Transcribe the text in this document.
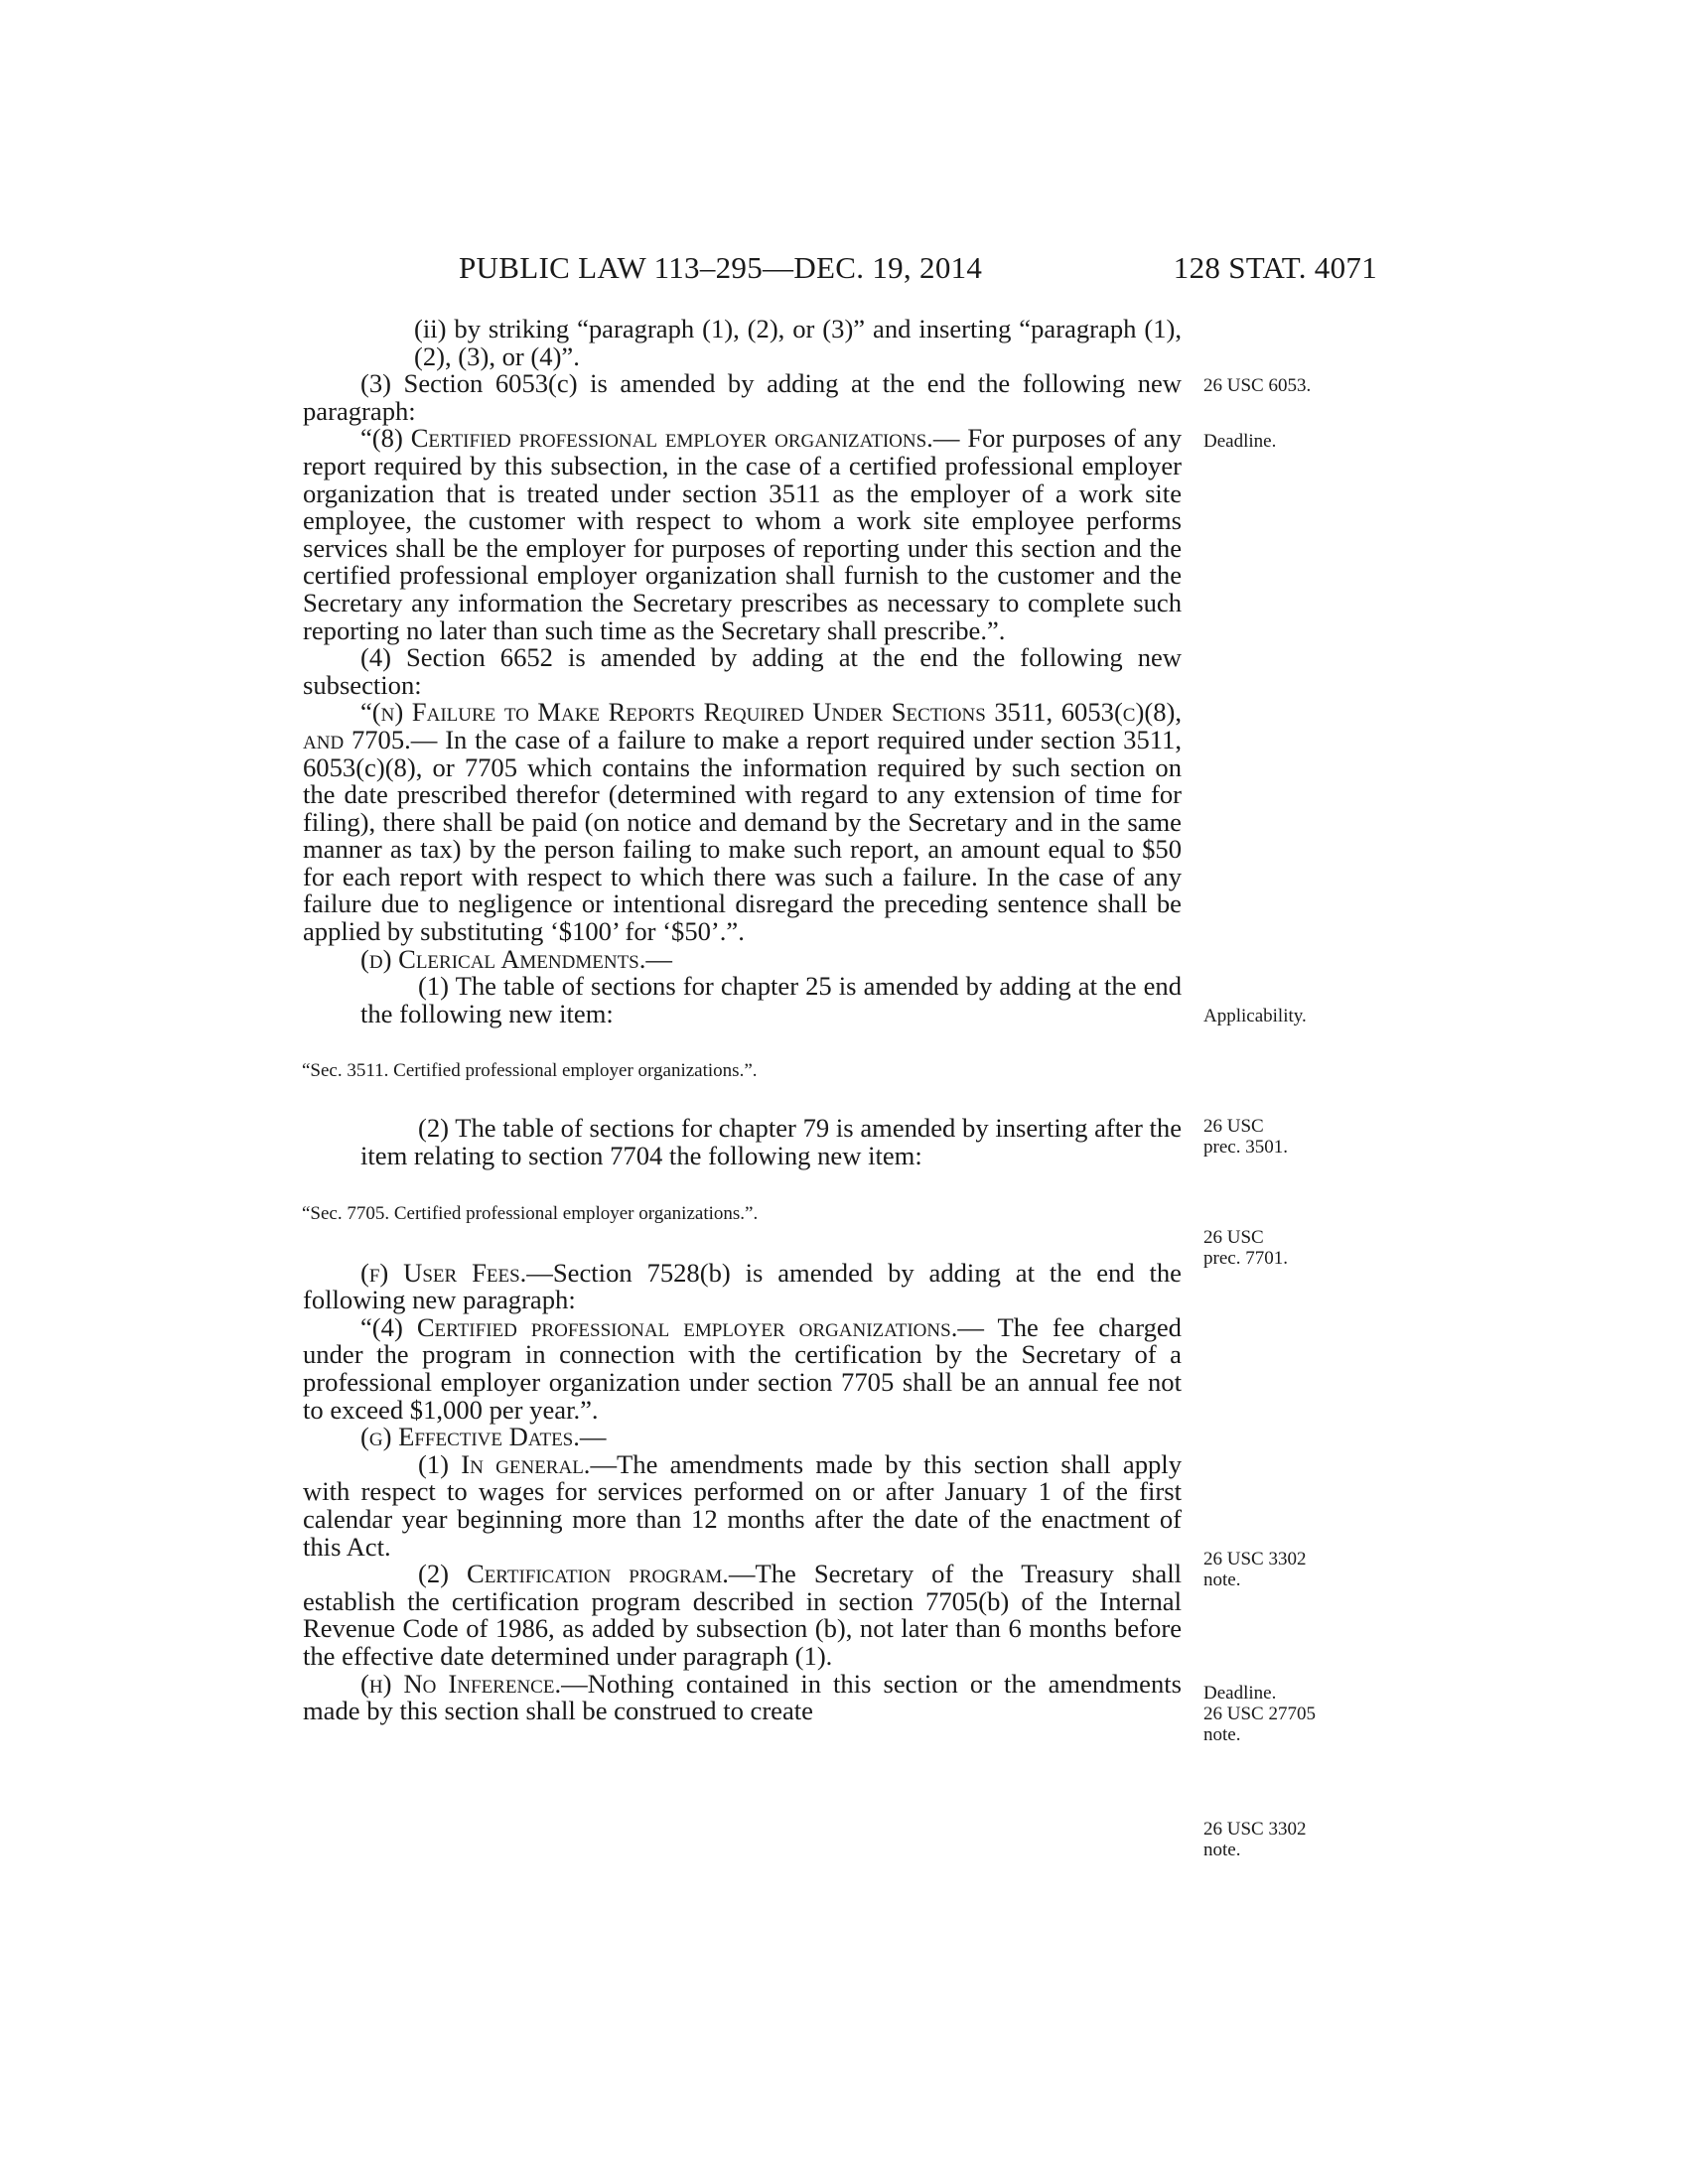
PUBLIC LAW 113–295—DEC. 19, 2014	128 STAT. 4071

(ii) by striking “paragraph (1), (2), or (3)” and inserting “paragraph (1), (2), (3), or (4)”.

(3) Section 6053(c) is amended by adding at the end the following new paragraph:

“(8) Certified professional employer organizations.— For purposes of any report required by this subsection, in the case of a certified professional employer organization that is treated under section 3511 as the employer of a work site employee, the customer with respect to whom a work site employee performs services shall be the employer for purposes of reporting under this section and the certified professional employer organization shall furnish to the customer and the Secretary any information the Secretary prescribes as necessary to complete such reporting no later than such time as the Secretary shall prescribe.”.

(4) Section 6652 is amended by adding at the end the following new subsection:

“(n) Failure to Make Reports Required Under Sections 3511, 6053(c)(8), and 7705.— In the case of a failure to make a report required under section 3511, 6053(c)(8), or 7705 which contains the information required by such section on the date prescribed therefor (determined with regard to any extension of time for filing), there shall be paid (on notice and demand by the Secretary and in the same manner as tax) by the person failing to make such report, an amount equal to $50 for each report with respect to which there was such a failure. In the case of any failure due to negligence or intentional disregard the preceding sentence shall be applied by substituting ‘$100’ for ‘$50’.”.

(d) Clerical Amendments.—

(1) The table of sections for chapter 25 is amended by adding at the end the following new item:

“Sec. 3511. Certified professional employer organizations.”.

(2) The table of sections for chapter 79 is amended by inserting after the item relating to section 7704 the following new item:

“Sec. 7705. Certified professional employer organizations.”.

(f) User Fees.—Section 7528(b) is amended by adding at the end the following new paragraph:

“(4) Certified professional employer organizations.— The fee charged under the program in connection with the certification by the Secretary of a professional employer organization under section 7705 shall be an annual fee not to exceed $1,000 per year.”.

(g) Effective Dates.—

(1) In general.—The amendments made by this section shall apply with respect to wages for services performed on or after January 1 of the first calendar year beginning more than 12 months after the date of the enactment of this Act.

(2) Certification program.—The Secretary of the Treasury shall establish the certification program described in section 7705(b) of the Internal Revenue Code of 1986, as added by subsection (b), not later than 6 months before the effective date determined under paragraph (1).

(h) No Inference.—Nothing contained in this section or the amendments made by this section shall be construed to create

26 USC 6053.
Deadline.
Applicability.
26 USC
prec. 3501.
26 USC
prec. 7701.
26 USC 3302
note.
Deadline.
26 USC 27705
note.
26 USC 3302
note.
